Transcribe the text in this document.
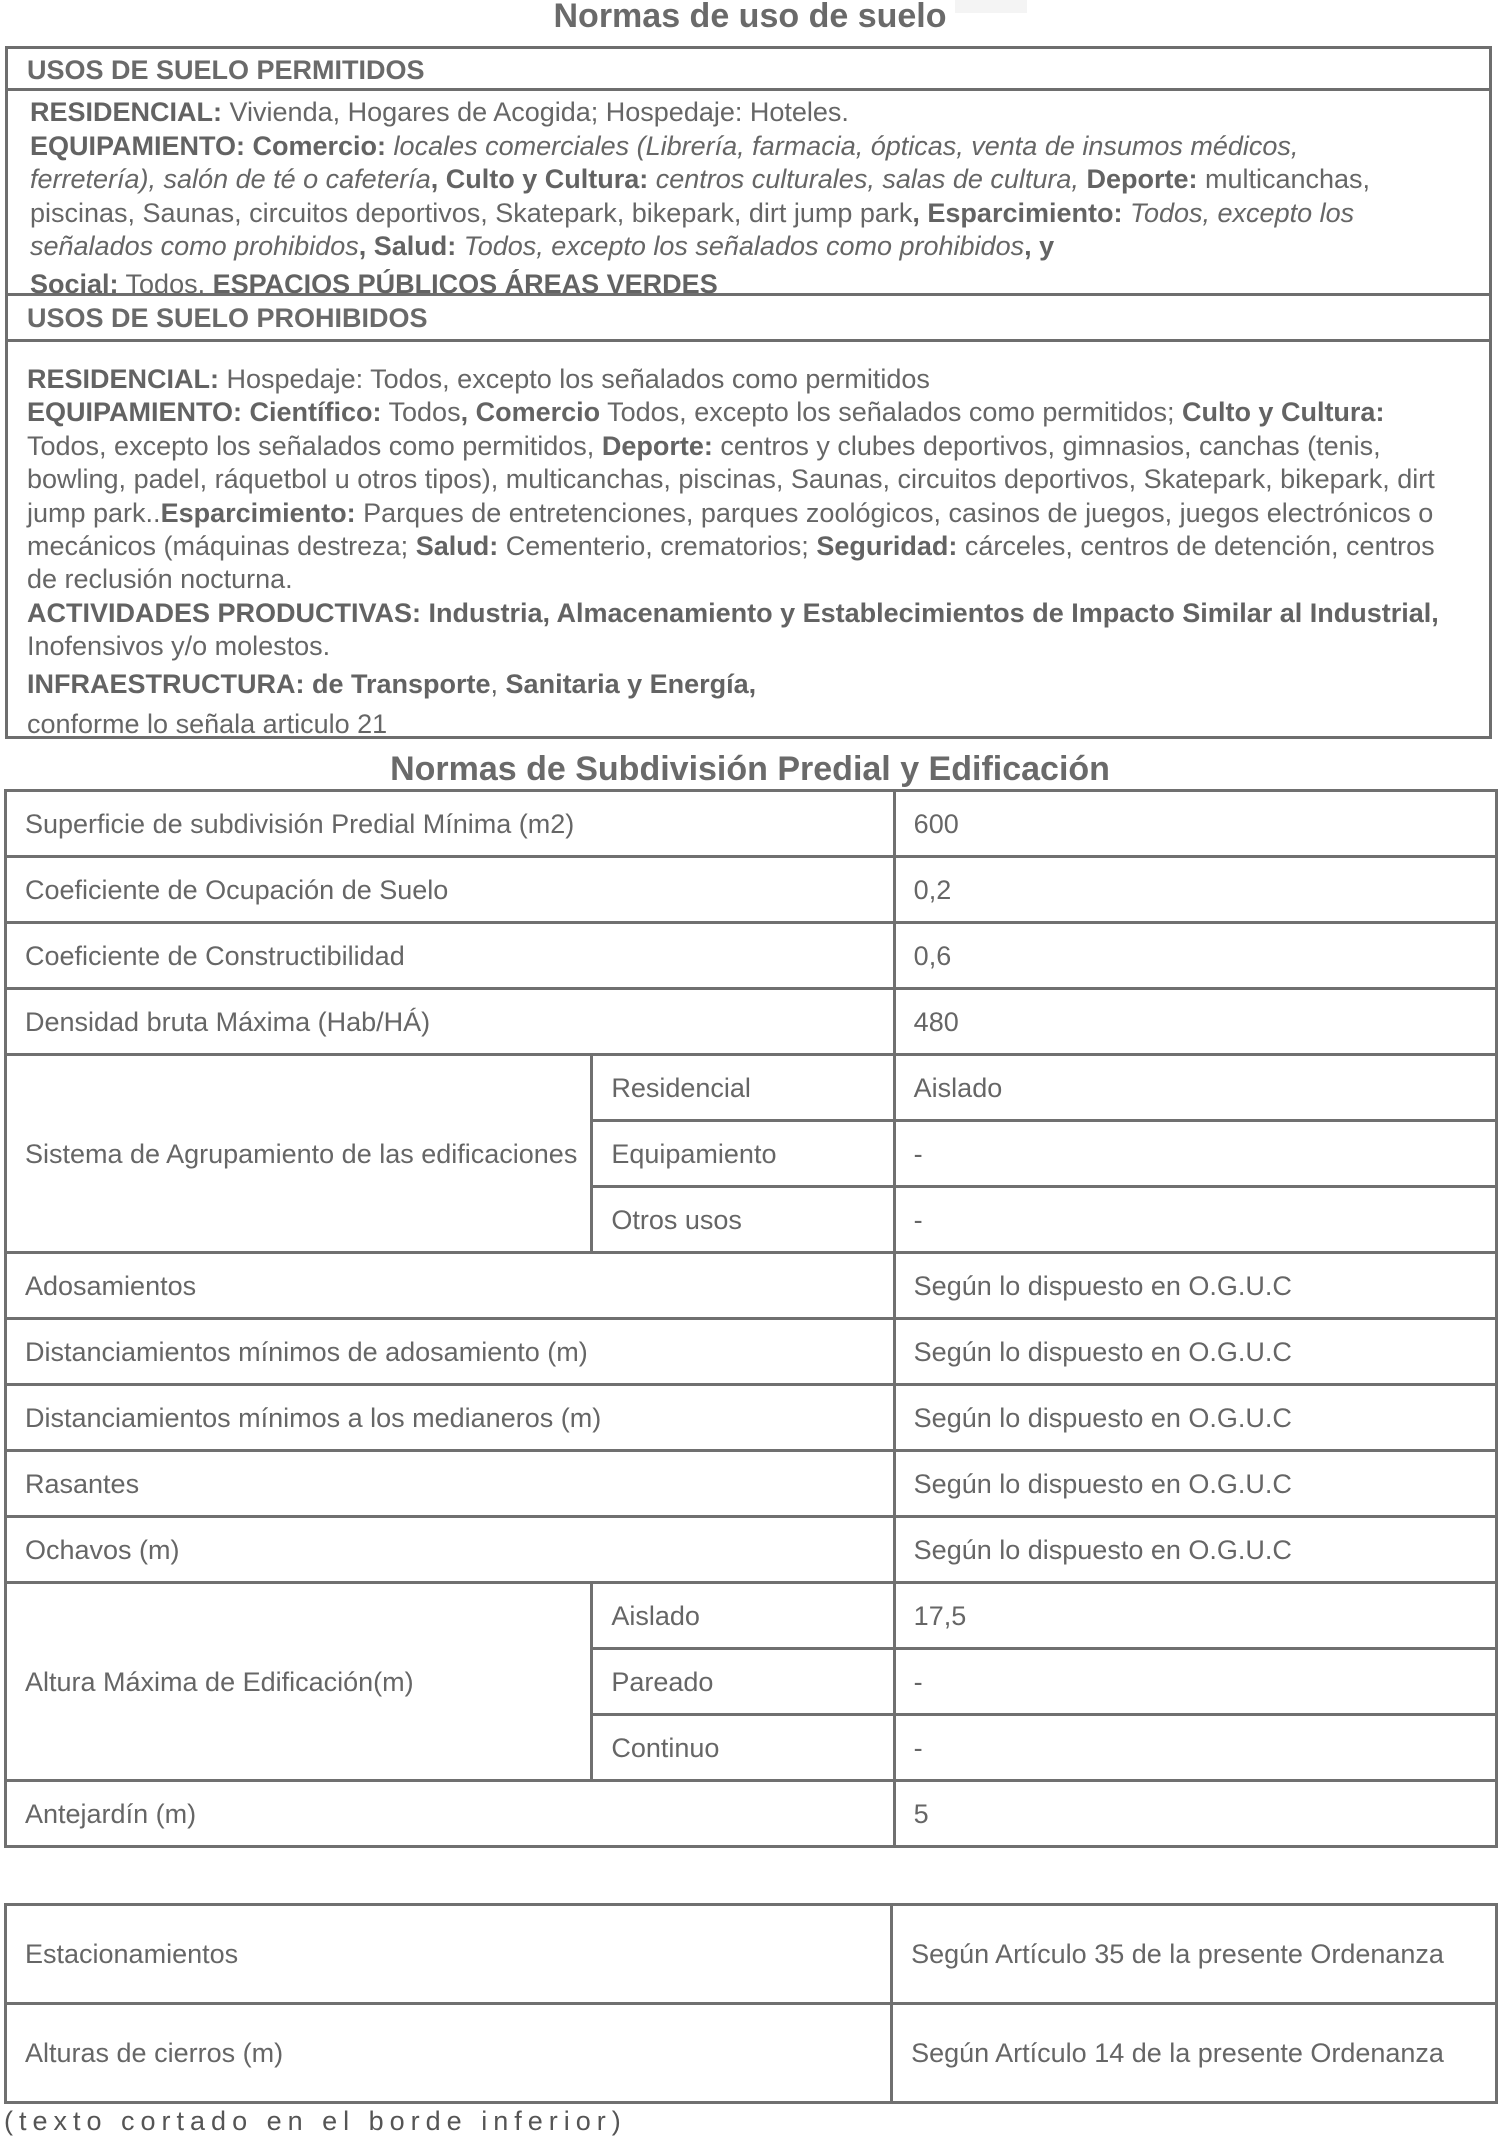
Normas de uso de suelo
USOS DE SUELO PERMITIDOS

RESIDENCIAL: Vivienda, Hogares de Acogida; Hospedaje: Hoteles.

EQUIPAMIENTO: Comercio: locales comerciales (Librería, farmacia, ópticas, venta de insumos médicos, ferretería), salón de té o cafetería, Culto y Cultura: centros culturales, salas de cultura, Deporte: multicanchas, piscinas, Saunas, circuitos deportivos, Skatepark, bikepark, dirt jump park, Esparcimiento: Todos, excepto los señalados como prohibidos, Salud: Todos, excepto los señalados como prohibidos, y

Social: Todos. ESPACIOS PÚBLICOS ÁREAS VERDES

USOS DE SUELO PROHIBIDOS

RESIDENCIAL: Hospedaje: Todos, excepto los señalados como permitidos

EQUIPAMIENTO: Científico: Todos, Comercio Todos, excepto los señalados como permitidos; Culto y Cultura: Todos, excepto los señalados como permitidos, Deporte: centros y clubes deportivos, gimnasios, canchas (tenis, bowling, padel, ráquetbol u otros tipos), multicanchas, piscinas, Saunas, circuitos deportivos, Skatepark, bikepark, dirt jump park..Esparcimiento: Parques de entretenciones, parques zoológicos, casinos de juegos, juegos electrónicos o mecánicos (máquinas destreza; Salud: Cementerio, crematorios; Seguridad: cárceles, centros de detención, centros de reclusión nocturna.

ACTIVIDADES PRODUCTIVAS: Industria, Almacenamiento y Establecimientos de Impacto Similar al Industrial, Inofensivos y/o molestos.

INFRAESTRUCTURA: de Transporte, Sanitaria y Energía,

conforme lo señala articulo 21

Normas de Subdivisión Predial y Edificación
Superficie de subdivisión Predial Mínima (m2)		600
Coeficiente de Ocupación de Suelo		0,2
Coeficiente de Constructibilidad		0,6
Densidad bruta Máxima (Hab/HÁ)		480
Sistema de Agrupamiento de las edificaciones	Residencial	Aislado
	Equipamiento	-
	Otros usos	-
Adosamientos		Según lo dispuesto en O.G.U.C
Distanciamientos mínimos de adosamiento (m)		Según lo dispuesto en O.G.U.C
Distanciamientos mínimos a los medianeros (m)		Según lo dispuesto en O.G.U.C
Rasantes		Según lo dispuesto en O.G.U.C
Ochavos (m)		Según lo dispuesto en O.G.U.C
Altura Máxima de Edificación(m)	Aislado	17,5
	Pareado	-
	Continuo	-
Antejardín (m)		5
Estacionamientos	Según Artículo 35 de la presente Ordenanza
Alturas de cierros (m)	Según Artículo 14 de la presente Ordenanza
(texto cortado en el borde inferior)
